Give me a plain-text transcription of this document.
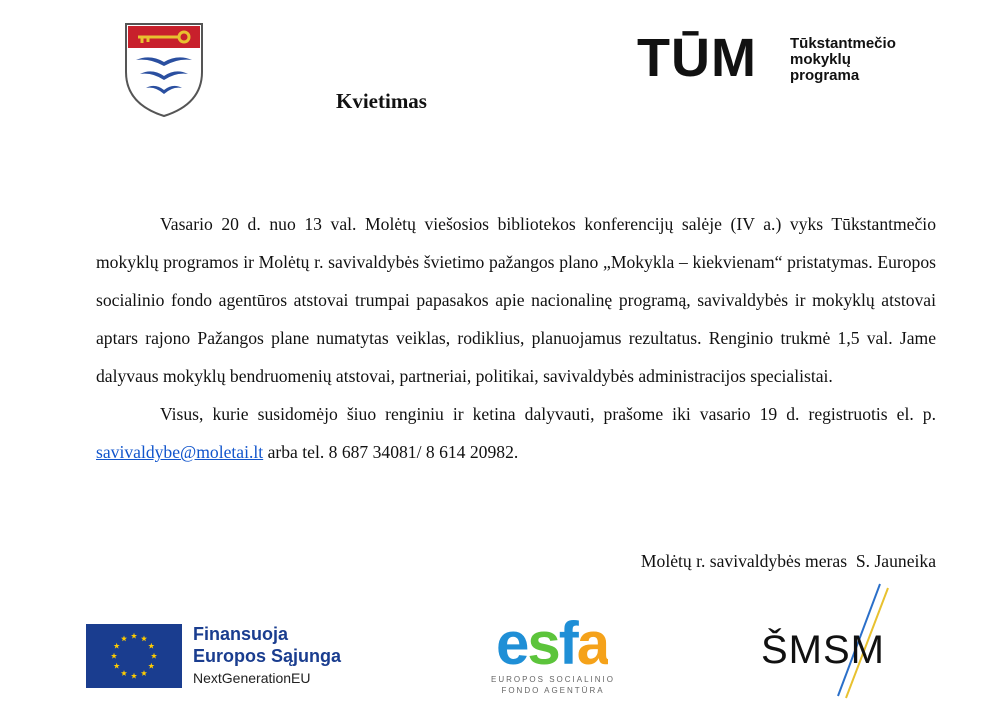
Kvietimas
TŪM Tūkstantmečio
mokyklų
programa

Vasario 20 d. nuo 13 val. Molėtų viešosios bibliotekos konferencijų salėje (IV a.) vyks Tūkstantmečio mokyklų programos ir Molėtų r. savivaldybės švietimo pažangos plano „Mokykla – kiekvienam“ pristatymas. Europos socialinio fondo agentūros atstovai trumpai papasakos apie nacionalinę programą, savivaldybės ir mokyklų atstovai aptars rajono Pažangos plane numatytas veiklas, rodiklius, planuojamus rezultatus. Renginio trukmė 1,5 val. Jame dalyvaus mokyklų bendruomenių atstovai, partneriai, politikai, savivaldybės administracijos specialistai.

Visus, kurie susidomėjo šiuo renginiu ir ketina dalyvauti, prašome iki vasario 19 d. registruotis el. p. savivaldybe@moletai.lt arba tel. 8 687 34081/ 8 614 20982.

Molėtų r. savivaldybės meras  S. Jauneika
Finansuoja
Europos Sąjunga
NextGenerationEU
esfa
EUROPOS SOCIALINIO
FONDO AGENTŪRA
ŠMSM
